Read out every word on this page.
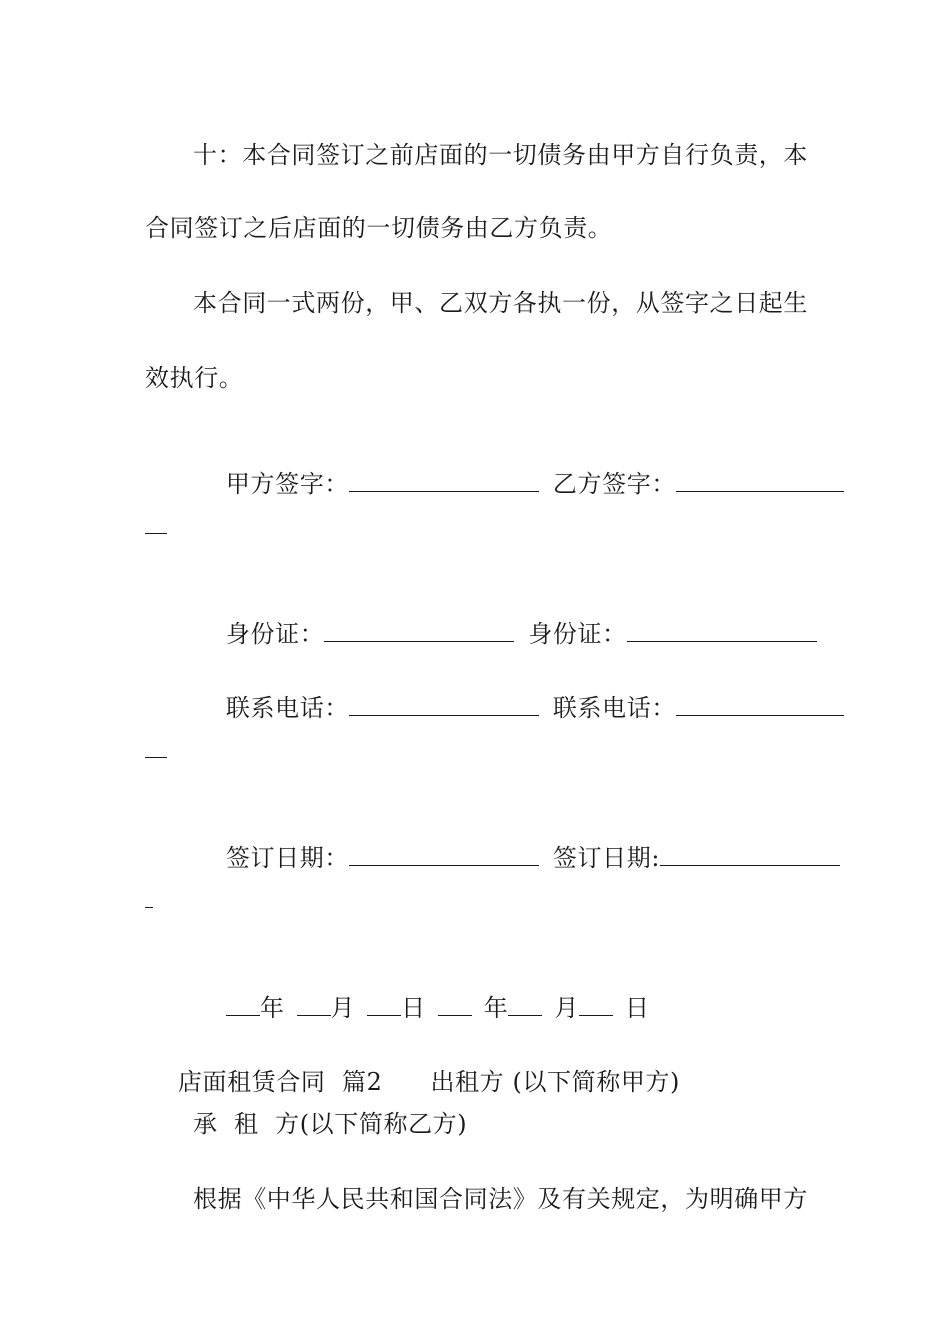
十：本合同签订之前店面的一切债务由甲方自行负责，本
合同签订之后店面的一切债务由乙方负责。
本合同一式两份，甲、乙双方各执一份，从签字之日起生
效执行。

甲方签字：	乙方签字：

身份证：	身份证：

联系电话：	联系电话：

签订日期：	签订日期:

年 月 日 年 月 日

店面租赁合同  篇2 出租方 (以下简称甲方)

承  租  方(以下简称乙方)
根据《中华人民共和国合同法》及有关规定，为明确甲方
